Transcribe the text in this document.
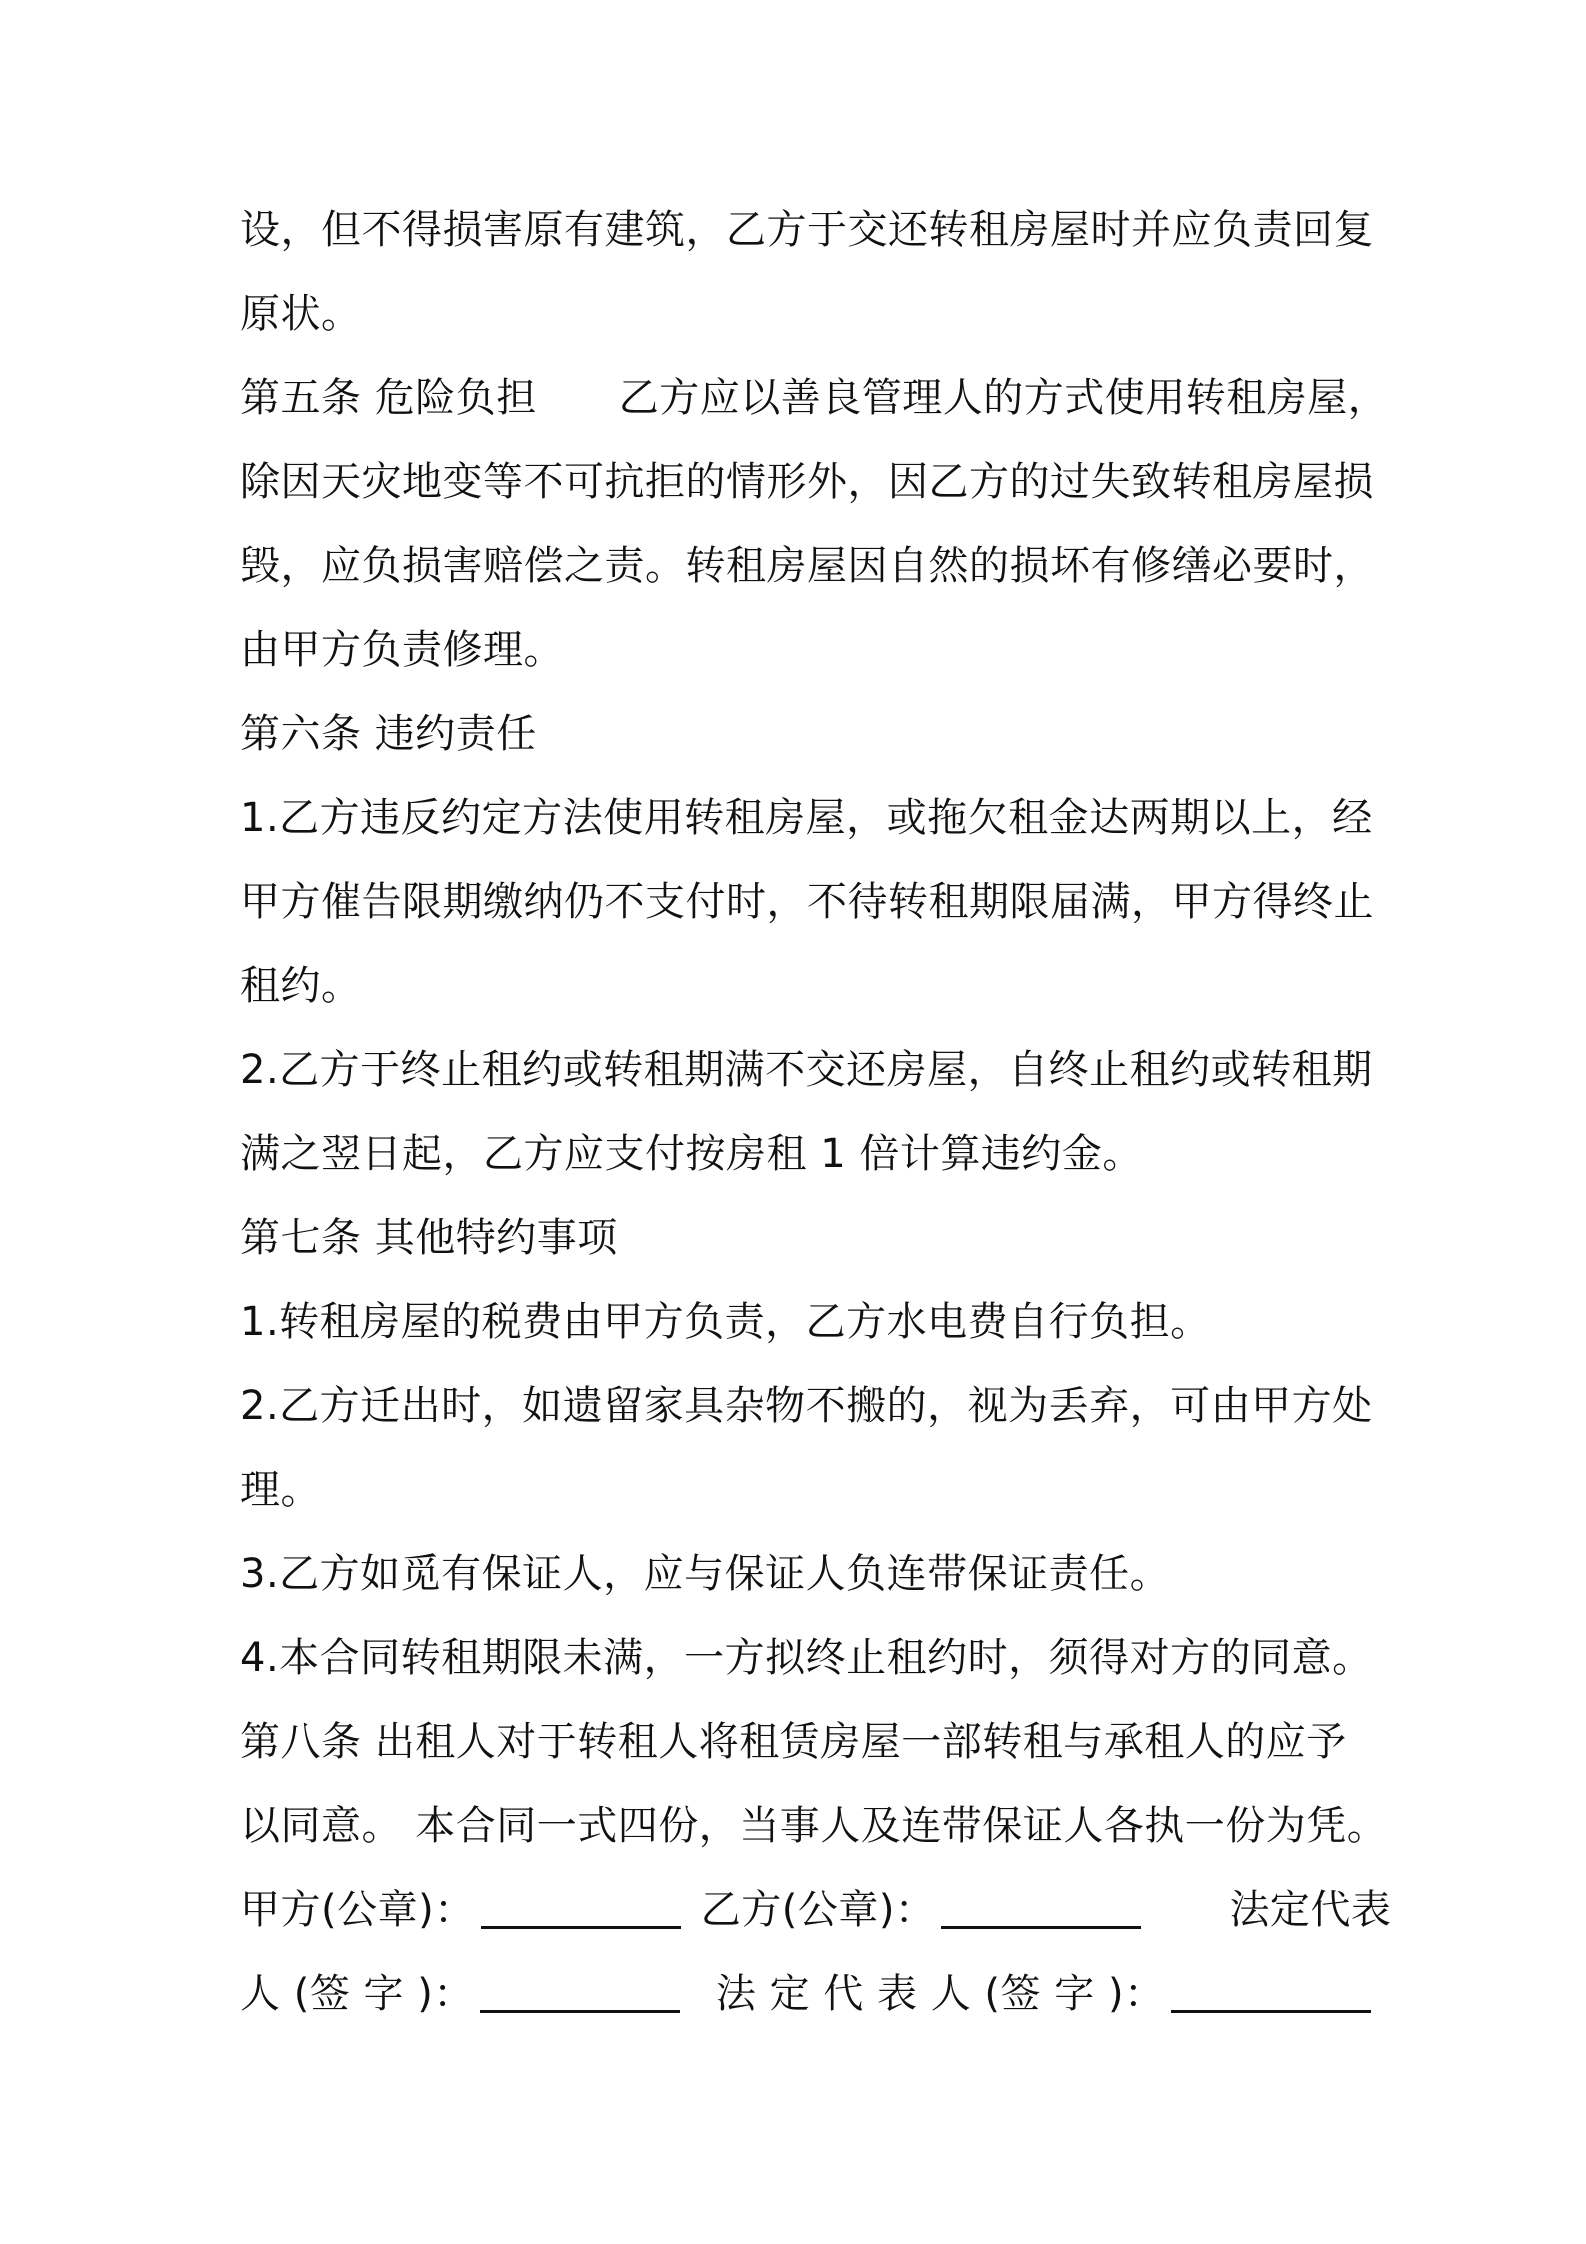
设，但不得损害原有建筑，乙方于交还转租房屋时并应负责回复
原状。
第五条 危险负担 乙方应以善良管理人的方式使用转租房屋，
除因天灾地变等不可抗拒的情形外，因乙方的过失致转租房屋损
毁，应负损害赔偿之责。转租房屋因自然的损坏有修缮必要时，
由甲方负责修理。
第六条 违约责任
1.乙方违反约定方法使用转租房屋，或拖欠租金达两期以上，经
甲方催告限期缴纳仍不支付时，不待转租期限届满，甲方得终止
租约。
2.乙方于终止租约或转租期满不交还房屋，自终止租约或转租期
满之翌日起，乙方应支付按房租 1 倍计算违约金。
第七条 其他特约事项
1.转租房屋的税费由甲方负责，乙方水电费自行负担。
2.乙方迁出时，如遗留家具杂物不搬的，视为丢弃，可由甲方处
理。
3.乙方如觅有保证人，应与保证人负连带保证责任。
4.本合同转租期限未满，一方拟终止租约时，须得对方的同意。
第八条 出租人对于转租人将租赁房屋一部转租与承租人的应予
以同意。 本合同一式四份，当事人及连带保证人各执一份为凭。
甲方(公章)：	乙方(公章)：	法定代表
人 (签 字 )：	法 定 代 表 人 (签 字 )：
